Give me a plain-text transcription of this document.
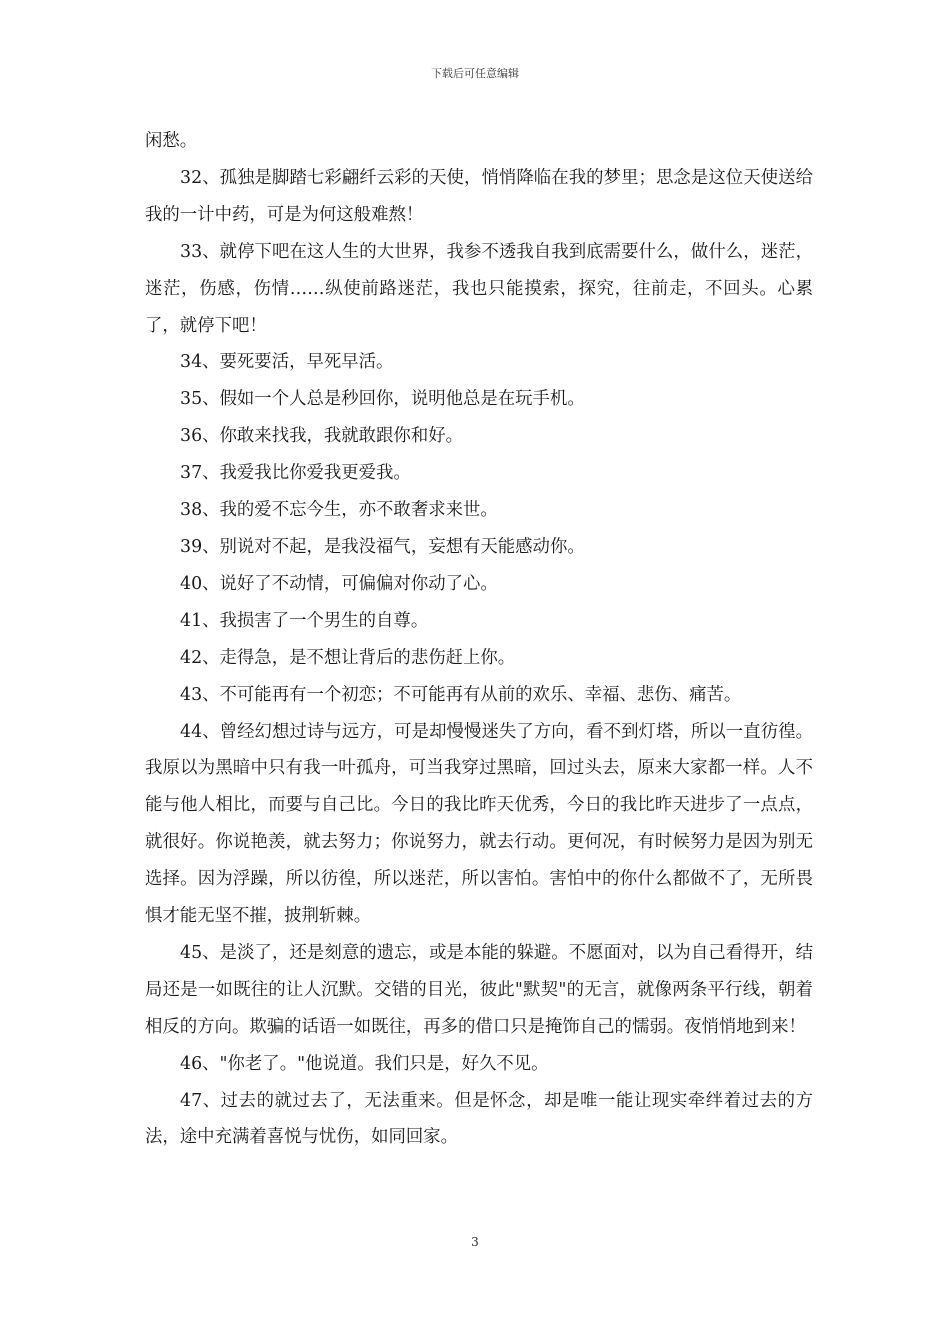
下载后可任意编辑

闲愁。

32、孤独是脚踏七彩翩纤云彩的天使，悄悄降临在我的梦里；思念是这位天使送给我的一计中药，可是为何这般难熬！

33、就停下吧在这人生的大世界，我参不透我自我到底需要什么，做什么，迷茫，迷茫，伤感，伤情……纵使前路迷茫，我也只能摸索，探究，往前走，不回头。心累了，就停下吧！

34、要死要活，早死早活。

35、假如一个人总是秒回你，说明他总是在玩手机。

36、你敢来找我，我就敢跟你和好。

37、我爱我比你爱我更爱我。

38、我的爱不忘今生，亦不敢奢求来世。

39、别说对不起，是我没福气，妄想有天能感动你。

40、说好了不动情，可偏偏对你动了心。

41、我损害了一个男生的自尊。

42、走得急，是不想让背后的悲伤赶上你。

43、不可能再有一个初恋；不可能再有从前的欢乐、幸福、悲伤、痛苦。

44、曾经幻想过诗与远方，可是却慢慢迷失了方向，看不到灯塔，所以一直彷徨。我原以为黑暗中只有我一叶孤舟，可当我穿过黑暗，回过头去，原来大家都一样。人不能与他人相比，而要与自己比。今日的我比昨天优秀，今日的我比昨天进步了一点点，就很好。你说艳羡，就去努力；你说努力，就去行动。更何况，有时候努力是因为别无选择。因为浮躁，所以彷徨，所以迷茫，所以害怕。害怕中的你什么都做不了，无所畏惧才能无坚不摧，披荆斩棘。

45、是淡了，还是刻意的遗忘，或是本能的躲避。不愿面对，以为自己看得开，结局还是一如既往的让人沉默。交错的目光，彼此"默契"的无言，就像两条平行线，朝着相反的方向。欺骗的话语一如既往，再多的借口只是掩饰自己的懦弱。夜悄悄地到来！

46、"你老了。"他说道。我们只是，好久不见。

47、过去的就过去了，无法重来。但是怀念，却是唯一能让现实牵绊着过去的方法，途中充满着喜悦与忧伤，如同回家。

3
